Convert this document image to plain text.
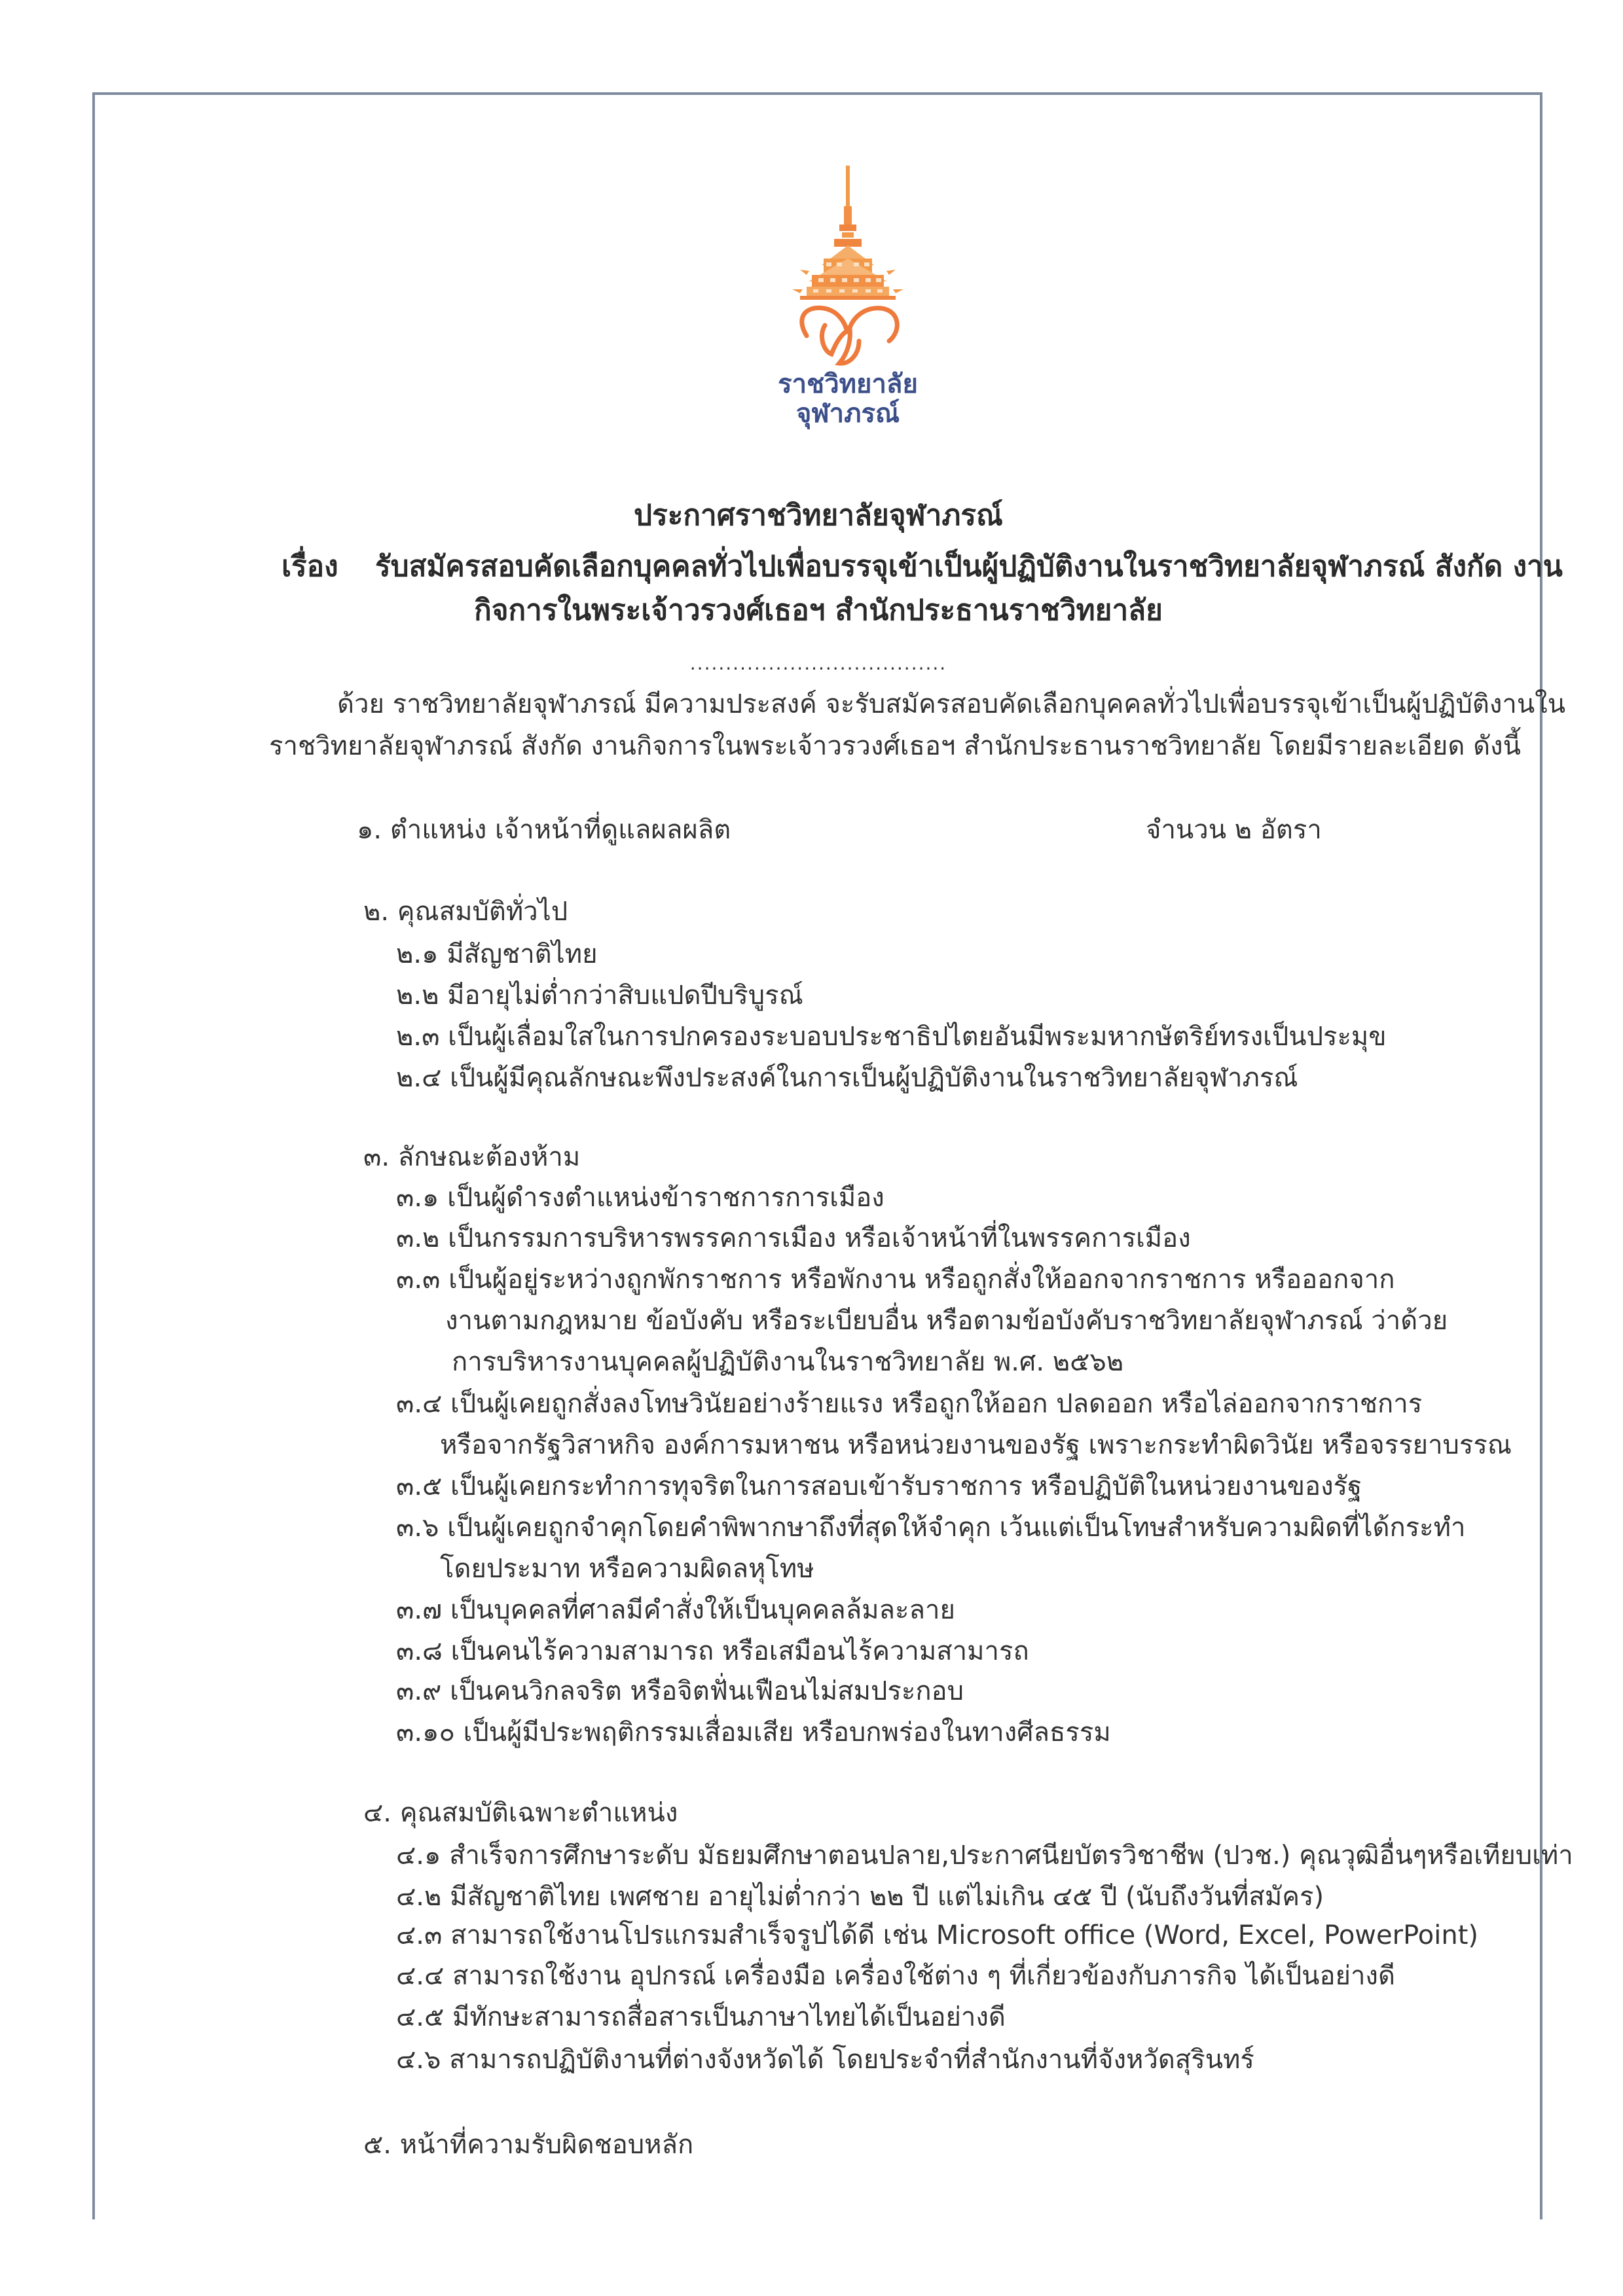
ราชวิทยาลัย
จุฬาภรณ์
ประกาศราชวิทยาลัยจุฬาภรณ์
เรื่อง รับสมัครสอบคัดเลือกบุคคลทั่วไปเพื่อบรรจุเข้าเป็นผู้ปฏิบัติงานในราชวิทยาลัยจุฬาภรณ์ สังกัด งาน
กิจการในพระเจ้าวรวงศ์เธอฯ สำนักประธานราชวิทยาลัย
....................................
ด้วย ราชวิทยาลัยจุฬาภรณ์ มีความประสงค์ จะรับสมัครสอบคัดเลือกบุคคลทั่วไปเพื่อบรรจุเข้าเป็นผู้ปฏิบัติงานใน
ราชวิทยาลัยจุฬาภรณ์ สังกัด งานกิจการในพระเจ้าวรวงศ์เธอฯ สำนักประธานราชวิทยาลัย โดยมีรายละเอียด ดังนี้
๑. ตำแหน่ง เจ้าหน้าที่ดูแลผลผลิต	จำนวน ๒ อัตรา
๒. คุณสมบัติทั่วไป
๒.๑ มีสัญชาติไทย
๒.๒ มีอายุไม่ต่ำกว่าสิบแปดปีบริบูรณ์
๒.๓ เป็นผู้เลื่อมใสในการปกครองระบอบประชาธิปไตยอันมีพระมหากษัตริย์ทรงเป็นประมุข
๒.๔ เป็นผู้มีคุณลักษณะพึงประสงค์ในการเป็นผู้ปฏิบัติงานในราชวิทยาลัยจุฬาภรณ์
๓. ลักษณะต้องห้าม
๓.๑ เป็นผู้ดำรงตำแหน่งข้าราชการการเมือง
๓.๒ เป็นกรรมการบริหารพรรคการเมือง หรือเจ้าหน้าที่ในพรรคการเมือง
๓.๓ เป็นผู้อยู่ระหว่างถูกพักราชการ หรือพักงาน หรือถูกสั่งให้ออกจากราชการ หรือออกจาก
งานตามกฎหมาย ข้อบังคับ หรือระเบียบอื่น หรือตามข้อบังคับราชวิทยาลัยจุฬาภรณ์ ว่าด้วย
การบริหารงานบุคคลผู้ปฏิบัติงานในราชวิทยาลัย พ.ศ. ๒๕๖๒
๓.๔ เป็นผู้เคยถูกสั่งลงโทษวินัยอย่างร้ายแรง หรือถูกให้ออก ปลดออก หรือไล่ออกจากราชการ
หรือจากรัฐวิสาหกิจ องค์การมหาชน หรือหน่วยงานของรัฐ เพราะกระทำผิดวินัย หรือจรรยาบรรณ
๓.๕ เป็นผู้เคยกระทำการทุจริตในการสอบเข้ารับราชการ หรือปฏิบัติในหน่วยงานของรัฐ
๓.๖ เป็นผู้เคยถูกจำคุกโดยคำพิพากษาถึงที่สุดให้จำคุก เว้นแต่เป็นโทษสำหรับความผิดที่ได้กระทำ
โดยประมาท หรือความผิดลหุโทษ
๓.๗ เป็นบุคคลที่ศาลมีคำสั่งให้เป็นบุคคลล้มละลาย
๓.๘ เป็นคนไร้ความสามารถ หรือเสมือนไร้ความสามารถ
๓.๙ เป็นคนวิกลจริต หรือจิตฟั่นเฟือนไม่สมประกอบ
๓.๑๐ เป็นผู้มีประพฤติกรรมเสื่อมเสีย หรือบกพร่องในทางศีลธรรม
๔. คุณสมบัติเฉพาะตำแหน่ง
๔.๑ สำเร็จการศึกษาระดับ มัธยมศึกษาตอนปลาย,ประกาศนียบัตรวิชาชีพ (ปวช.) คุณวุฒิอื่นๆหรือเทียบเท่า
๔.๒ มีสัญชาติไทย เพศชาย อายุไม่ต่ำกว่า ๒๒ ปี แต่ไม่เกิน ๔๕ ปี (นับถึงวันที่สมัคร)
๔.๓ สามารถใช้งานโปรแกรมสำเร็จรูปได้ดี เช่น Microsoft office (Word, Excel, PowerPoint)
๔.๔ สามารถใช้งาน อุปกรณ์ เครื่องมือ เครื่องใช้ต่าง ๆ ที่เกี่ยวข้องกับภารกิจ ได้เป็นอย่างดี
๔.๕ มีทักษะสามารถสื่อสารเป็นภาษาไทยได้เป็นอย่างดี
๔.๖ สามารถปฏิบัติงานที่ต่างจังหวัดได้ โดยประจำที่สำนักงานที่จังหวัดสุรินทร์
๕. หน้าที่ความรับผิดชอบหลัก
